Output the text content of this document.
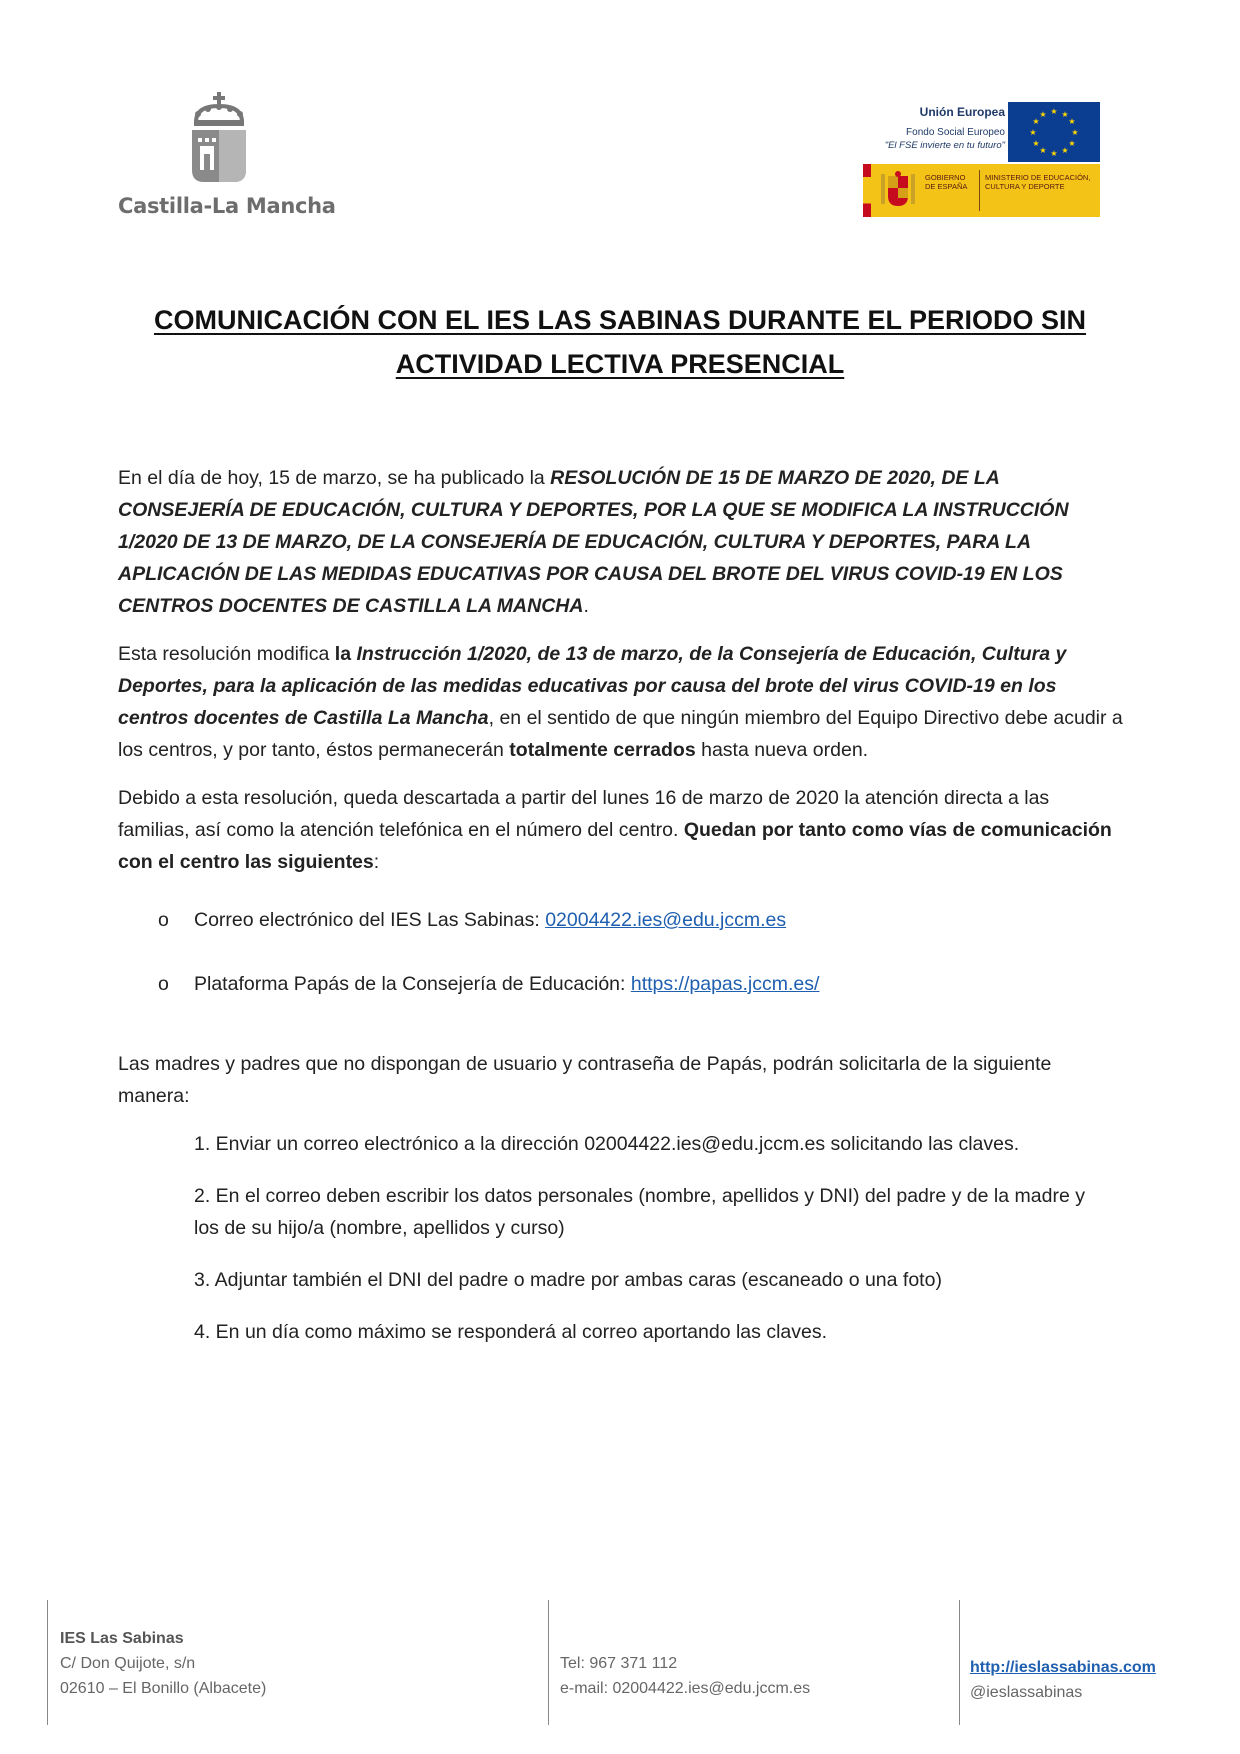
Castilla-La Mancha
Unión Europea
Fondo Social Europeo
"El FSE invierte en tu futuro"
★ ★
★
★
★
★
★
★
★
★
★
★
GOBIERNO DE ESPAÑA
MINISTERIO DE EDUCACIÓN, CULTURA Y DEPORTE
COMUNICACIÓN CON EL IES LAS SABINAS DURANTE EL PERIODO SIN
ACTIVIDAD LECTIVA PRESENCIAL

En el día de hoy, 15 de marzo, se ha publicado la RESOLUCIÓN DE 15 DE MARZO DE 2020, DE LA CONSEJERÍA DE EDUCACIÓN, CULTURA Y DEPORTES, POR LA QUE SE MODIFICA LA INSTRUCCIÓN 1/2020 DE 13 DE MARZO, DE LA CONSEJERÍA DE EDUCACIÓN, CULTURA Y DEPORTES, PARA LA APLICACIÓN DE LAS MEDIDAS EDUCATIVAS POR CAUSA DEL BROTE DEL VIRUS COVID-19 EN LOS CENTROS DOCENTES DE CASTILLA LA MANCHA.

Esta resolución modifica la Instrucción 1/2020, de 13 de marzo, de la Consejería de Educación, Cultura y Deportes, para la aplicación de las medidas educativas por causa del brote del virus COVID-19 en los centros docentes de Castilla La Mancha, en el sentido de que ningún miembro del Equipo Directivo debe acudir a los centros, y por tanto, éstos permanecerán totalmente cerrados hasta nueva orden.

Debido a esta resolución, queda descartada a partir del lunes 16 de marzo de 2020 la atención directa a las familias, así como la atención telefónica en el número del centro. Quedan por tanto como vías de comunicación con el centro las siguientes:

o Correo electrónico del IES Las Sabinas: 02004422.ies@edu.jccm.es
o Plataforma Papás de la Consejería de Educación: https://papas.jccm.es/

Las madres y padres que no dispongan de usuario y contraseña de Papás, podrán solicitarla de la siguiente manera:

1. Enviar un correo electrónico a la dirección 02004422.ies@edu.jccm.es solicitando las claves.
2. En el correo deben escribir los datos personales (nombre, apellidos y DNI) del padre y de la madre y los de su hijo/a (nombre, apellidos y curso)
3. Adjuntar también el DNI del padre o madre por ambas caras (escaneado o una foto)
4. En un día como máximo se responderá al correo aportando las claves.
IES Las Sabinas
C/ Don Quijote, s/n
02610 – El Bonillo (Albacete)
Tel: 967 371 112
e-mail: 02004422.ies@edu.jccm.es
http://ieslassabinas.com
@ieslassabinas
